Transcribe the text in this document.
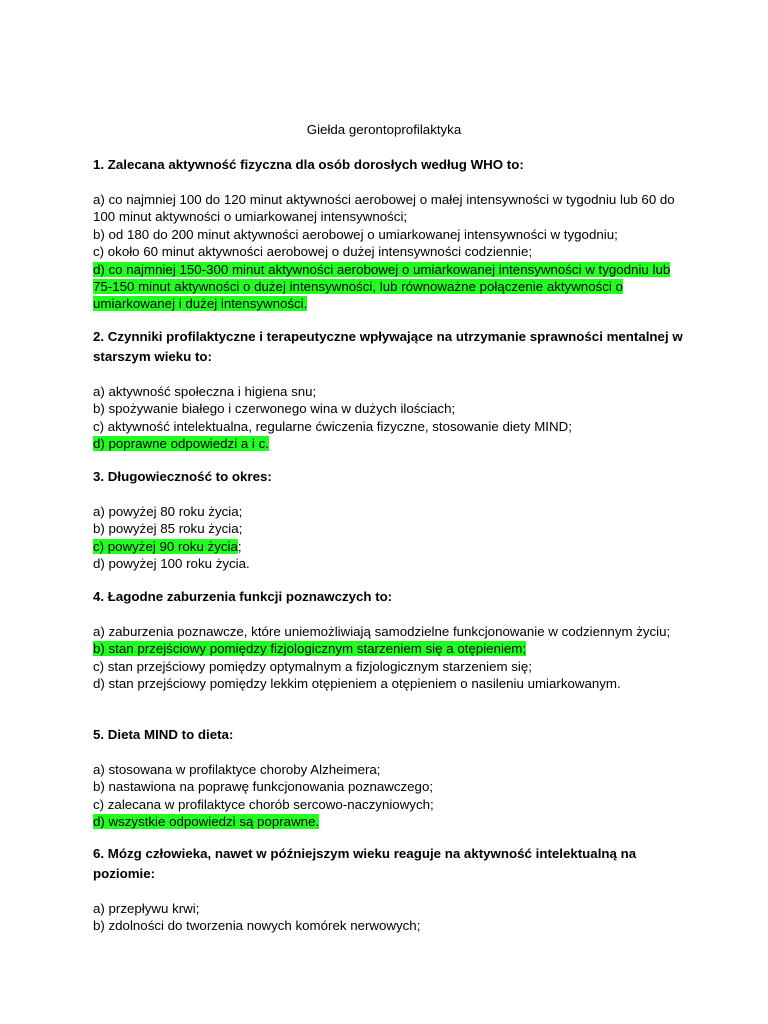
Giełda gerontoprofilaktyka

1. Zalecana aktywność fizyczna dla osób dorosłych według WHO to:

a) co najmniej 100 do 120 minut aktywności aerobowej o małej intensywności w tygodniu lub 60 do 100 minut aktywności o umiarkowanej intensywności;
b) od 180 do 200 minut aktywności aerobowej o umiarkowanej intensywności w tygodniu;
c) około 60 minut aktywności aerobowej o dużej intensywności codziennie;
d) co najmniej 150-300 minut aktywności aerobowej o umiarkowanej intensywności w tygodniu lub 75-150 minut aktywności o dużej intensywności, lub równoważne połączenie aktywności o umiarkowanej i dużej intensywności.

2. Czynniki profilaktyczne i terapeutyczne wpływające na utrzymanie sprawności mentalnej w starszym wieku to:

a) aktywność społeczna i higiena snu;
b) spożywanie białego i czerwonego wina w dużych ilościach;
c) aktywność intelektualna, regularne ćwiczenia fizyczne, stosowanie diety MIND;
d) poprawne odpowiedzi a i c.

3. Długowieczność to okres:

a) powyżej 80 roku życia;
b) powyżej 85 roku życia;
c) powyżej 90 roku życia;
d) powyżej 100 roku życia.

4. Łagodne zaburzenia funkcji poznawczych to:

a) zaburzenia poznawcze, które uniemożliwiają samodzielne funkcjonowanie w codziennym życiu;
b) stan przejściowy pomiędzy fizjologicznym starzeniem się a otępieniem;
c) stan przejściowy pomiędzy optymalnym a fizjologicznym starzeniem się;
d) stan przejściowy pomiędzy lekkim otępieniem a otępieniem o nasileniu umiarkowanym.

5. Dieta MIND to dieta:

a) stosowana w profilaktyce choroby Alzheimera;
b) nastawiona na poprawę funkcjonowania poznawczego;
c) zalecana w profilaktyce chorób sercowo-naczyniowych;
d) wszystkie odpowiedzi są poprawne.

6. Mózg człowieka, nawet w późniejszym wieku reaguje na aktywność intelektualną na poziomie:

a) przepływu krwi;
b) zdolności do tworzenia nowych komórek nerwowych;
